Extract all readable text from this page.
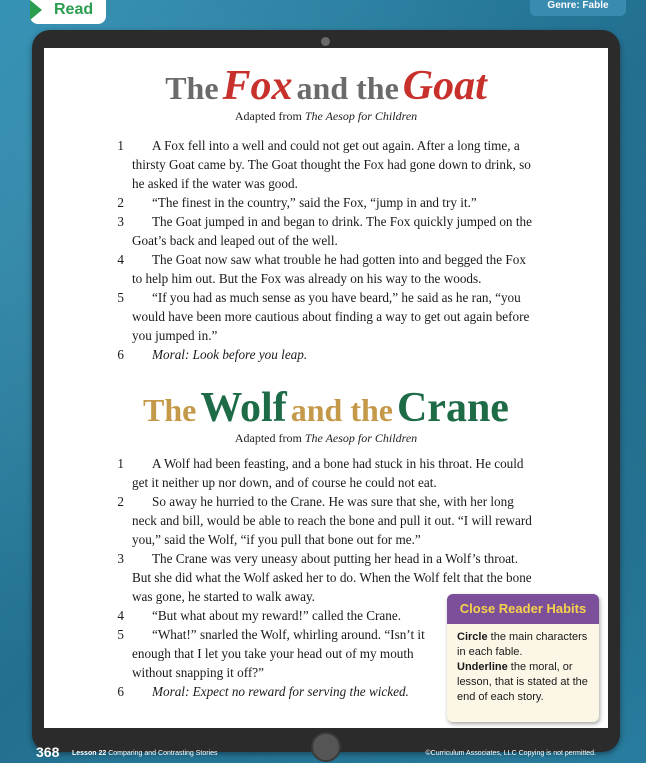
Read	Genre: Fable
The Fox and the Goat
Adapted from The Aesop for Children
1	A Fox fell into a well and could not get out again. After a long time, a thirsty Goat came by. The Goat thought the Fox had gone down to drink, so he asked if the water was good.
2	“The finest in the country,” said the Fox, “jump in and try it.”
3	The Goat jumped in and began to drink. The Fox quickly jumped on the Goat’s back and leaped out of the well.
4	The Goat now saw what trouble he had gotten into and begged the Fox to help him out. But the Fox was already on his way to the woods.
5	“If you had as much sense as you have beard,” he said as he ran, “you would have been more cautious about finding a way to get out again before you jumped in.”
6	Moral: Look before you leap.
The Wolf and the Crane
Adapted from The Aesop for Children
1	A Wolf had been feasting, and a bone had stuck in his throat. He could get it neither up nor down, and of course he could not eat.
2	So away he hurried to the Crane. He was sure that she, with her long neck and bill, would be able to reach the bone and pull it out. “I will reward you,” said the Wolf, “if you pull that bone out for me.”
3	The Crane was very uneasy about putting her head in a Wolf’s throat. But she did what the Wolf asked her to do. When the Wolf felt that the bone was gone, he started to walk away.
4	“But what about my reward!” called the Crane.
5	“What!” snarled the Wolf, whirling around. “Isn’t it enough that I let you take your head out of my mouth without snapping it off?”
6	Moral: Expect no reward for serving the wicked.
Close Reader Habits
Circle the main characters in each fable.
Underline the moral, or lesson, that is stated at the end of each story.
368 Lesson 22 Comparing and Contrasting Stories	©Curriculum Associates, LLC Copying is not permitted.
